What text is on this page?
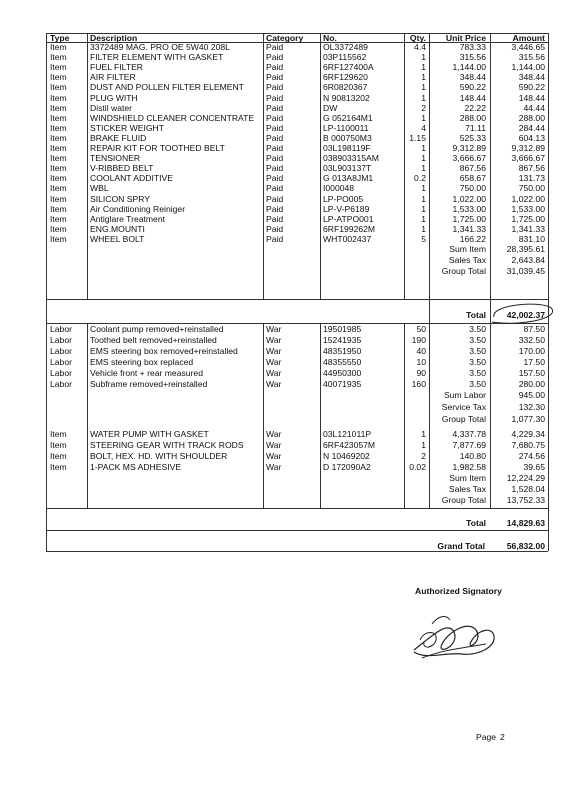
Type Description	Category No.	Qty.	Unit Price	Amount
Item	3372489 MAG. PRO OE 5W40 208L	Paid	OL3372489	4.4	783.33	3,446.65
Item	FILTER ELEMENT WITH GASKET	Paid	03P115562	1	315.56	315.56
Item	FUEL FILTER	Paid	6RF127400A	1	1,144.00	1,144.00
Item	AIR FILTER	Paid	6RF129620	1	348.44	348.44
Item	DUST AND POLLEN FILTER ELEMENT	Paid	6R0820367	1	590.22	590.22
Item	PLUG WITH	Paid	N 90813202	1	148.44	148.44
Item	Distil water	Paid	DW	2	22.22	44.44
Item	WINDSHIELD CLEANER CONCENTRATE Paid	G 052164M1	1	288.00	288.00
Item	STICKER WEIGHT	Paid	LP-1100011	4	71.11	284.44
Item	BRAKE FLUID	Paid	B 000750M3	1.15	525.33	604.13
Item	REPAIR KIT FOR TOOTHED BELT	Paid	03L198119F	1	9,312.89	9,312.89
Item	TENSIONER	Paid	038903315AM	1	3,666.67	3,666.67
Item	V-RIBBED BELT	Paid	03L903137T	1	867.56	867.56
Item	COOLANT ADDITIVE	Paid	G 013A8JM1	0.2	658.67	131.73
Item	WBL	Paid	I000048	1	750.00	750.00
Item	SILICON SPRY	Paid	LP-PO005	1	1,022.00	1,022.00
Item	Air Conditioning Reiniger	Paid	LP-V-P6189	1	1,533.00	1,533.00
Item	Antiglare Treatment	Paid	LP-ATPO001	1	1,725.00	1,725.00
Item	ENG.MOUNTI	Paid	6RF199262M	1	1,341.33	1,341.33
Item	WHEEL BOLT	Paid	WHT002437	5	166.22	831.10
Sum Item	28,395.61
Sales Tax	2,643.84
Group Total	31,039.45
Total	42,002.37
Labor Coolant pump removed+reinstalled	War	19501985	50	3.50	87.50
Labor Toothed belt removed+reinstalled	War	15241935	190	3.50	332.50
Labor EMS steering box removed+reinstalled	War	48351950	40	3.50	170.00
Labor EMS steering box replaced	War	48355550	10	3.50	17.50
Labor Vehicle front + rear measured	War	44950300	90	3.50	157.50
Labor Subframe removed+reinstalled	War	40071935	160	3.50	280.00
Sum Labor	945.00
Service Tax	132.30
Group Total	1,077.30
Item	WATER PUMP WITH GASKET	War	03L121011P	1	4,337.78	4,229.34
Item	STEERING GEAR WITH TRACK RODS	War	6RF423057M	1	7,877.69	7,680.75
Item	BOLT, HEX. HD. WITH SHOULDER	War	N 10469202	2	140.80	274.56
Item	1-PACK MS ADHESIVE	War	D 172090A2	0.02	1,982.58	39.65
Sum Item	12,224.29
Sales Tax	1,528.04
Group Total	13,752.33
Total	14,829.63
Grand Total	56,832.00
Authorized Signatory
Page 2
